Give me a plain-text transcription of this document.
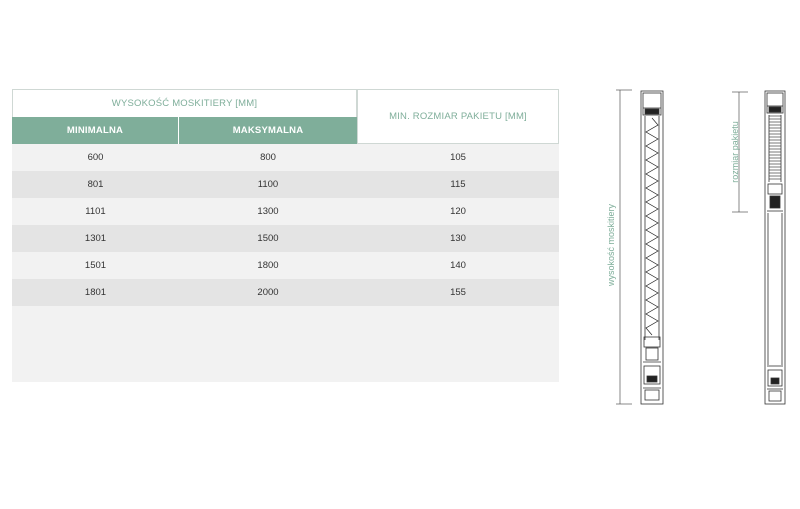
WYSOKOŚĆ MOSKITIERY [MM]
MIN. ROZMIAR PAKIETU [MM]
MINIMALNA	MAKSYMALNA
600	800	105
801	1100	115
1101	1300	120
1301	1500	130
1501	1800	140
1801	2000	155
wysokość moskitiery
rozmiar pakietu
